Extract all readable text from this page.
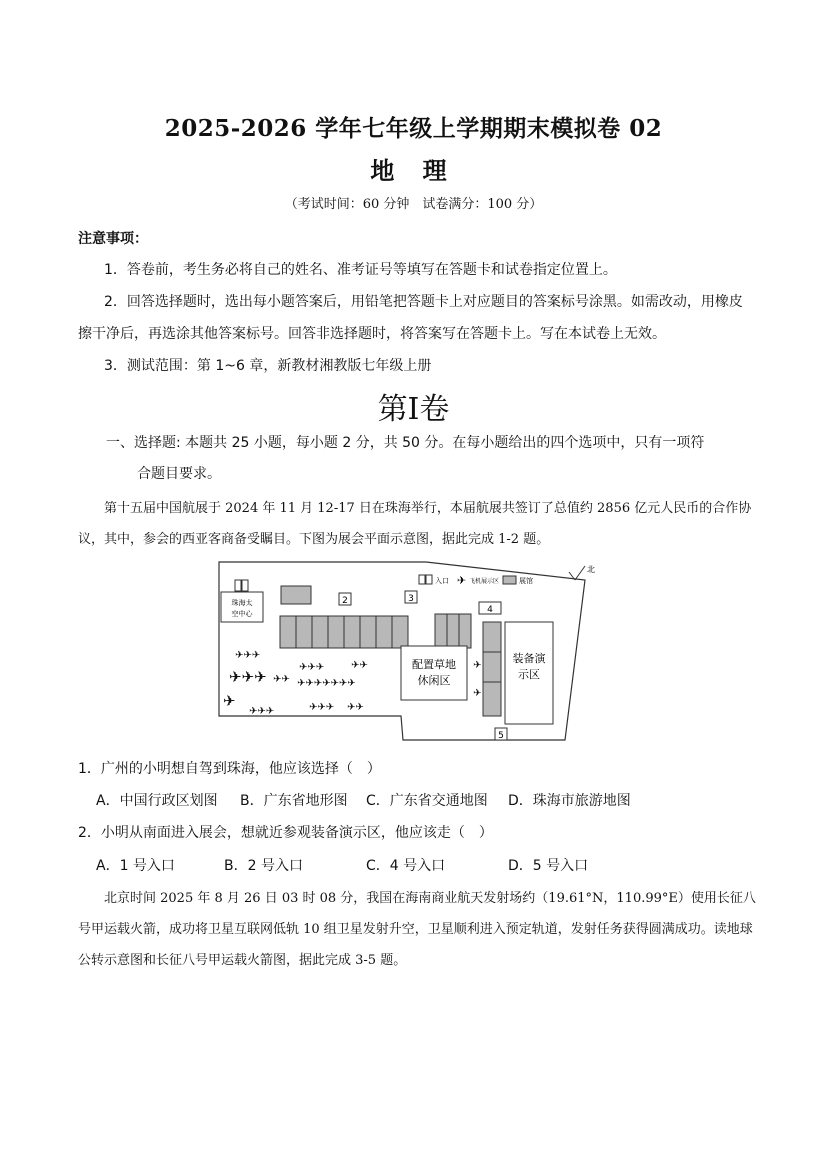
2025-2026 学年七年级上学期期末模拟卷 02
地 理
（考试时间：60 分钟　试卷满分：100 分）
注意事项：
1．答卷前，考生务必将自己的姓名、准考证号等填写在答题卡和试卷指定位置上。
2．回答选择题时，选出每小题答案后，用铅笔把答题卡上对应题目的答案标号涂黑。如需改动，用橡皮擦干净后，再选涂其他答案标号。回答非选择题时，将答案写在答题卡上。写在本试卷上无效。
3．测试范围：第 1~6 章，新教材湘教版七年级上册
第Ⅰ卷
一、选择题: 本题共 25 小题，每小题 2 分，共 50 分。在每小题给出的四个选项中，只有一项符
合题目要求。
第十五届中国航展于 2024 年 11 月 12-17 日在珠海举行，本届航展共签订了总值约 2856 亿元人民币的合作协议，其中，参会的西亚客商备受瞩目。下图为展会平面示意图，据此完成 1-2 题。
珠海太
空中心
2	3
4
5
入口 ✈ 飞机展示区	展馆
北
配置草地
休闲区
装备演
示区
✈✈✈
✈✈✈ ✈✈
✈
✈✈✈
✈✈✈	✈✈
✈✈✈✈✈✈✈
✈✈✈ ✈✈
✈
✈
1．广州的小明想自驾到珠海，他应该选择（　）
A．中国行政区划图 B．广东省地形图 C．广东省交通地图 D．珠海市旅游地图
2．小明从南面进入展会，想就近参观装备演示区，他应该走（　）
A．1 号入口	B．2 号入口	C．4 号入口	D．5 号入口
北京时间 2025 年 8 月 26 日 03 时 08 分，我国在海南商业航天发射场约（19.61°N，110.99°E）使用长征八号甲运载火箭，成功将卫星互联网低轨 10 组卫星发射升空，卫星顺利进入预定轨道，发射任务获得圆满成功。读地球公转示意图和长征八号甲运载火箭图，据此完成 3-5 题。
